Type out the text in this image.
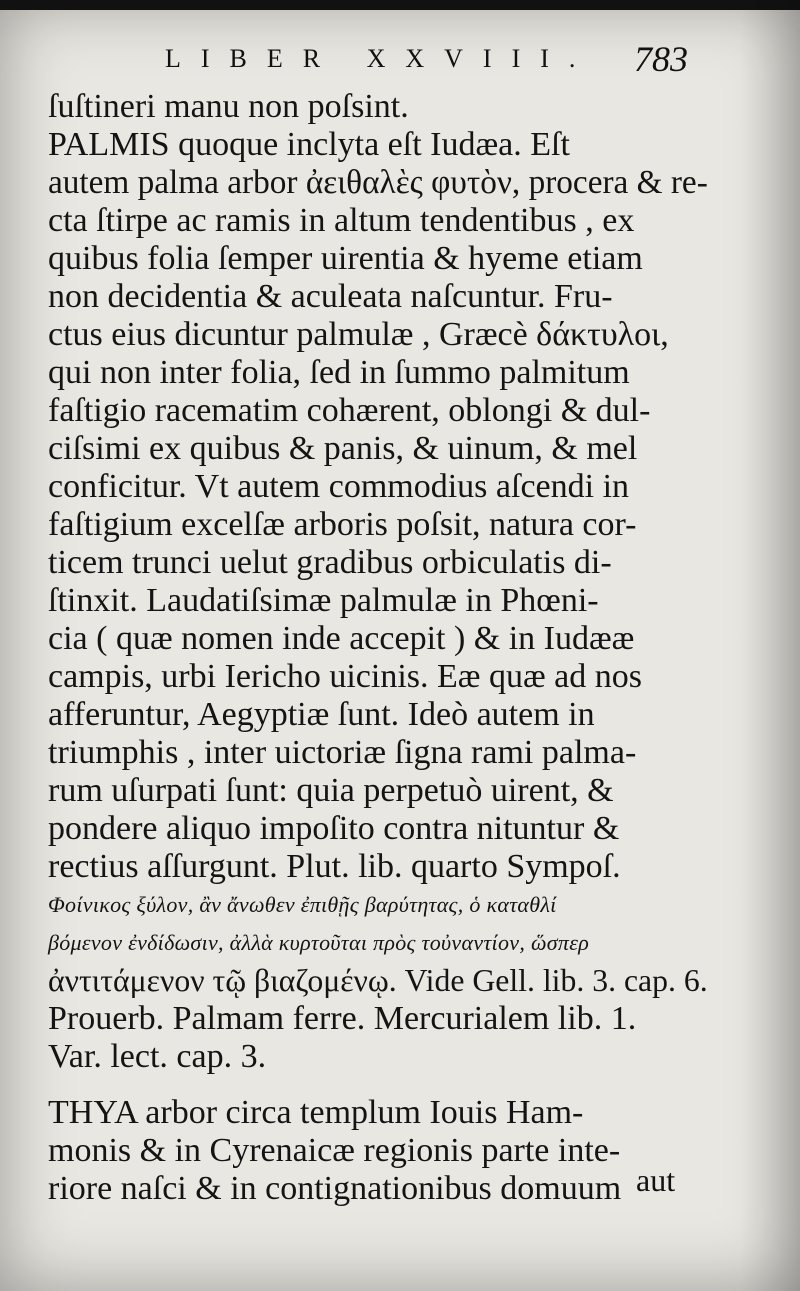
LIBER XXVIII. 783
ſuſtineri manu non poſsint.
PALMIS quoque inclyta eſt Iudæa. Eſt
autem palma arbor ἀειθαλὲς φυτὸν, procera & re-
cta ſtirpe ac ramis in altum tendentibus , ex
quibus folia ſemper uirentia & hyeme etiam
non decidentia & aculeata naſcuntur. Fru-
ctus eius dicuntur palmulæ , Græcè δάκτυλοι,
qui non inter folia, ſed in ſummo palmitum
faſtigio racematim cohærent, oblongi & dul-
ciſsimi ex quibus & panis, & uinum, & mel
conficitur. Vt autem commodius aſcendi in
faſtigium excelſæ arboris poſsit, natura cor-
ticem trunci uelut gradibus orbiculatis di-
ſtinxit. Laudatiſsimæ palmulæ in Phœni-
cia ( quæ nomen inde accepit ) & in Iudææ
campis, urbi Iericho uicinis. Eæ quæ ad nos
afferuntur, Aegyptiæ ſunt. Ideò autem in
triumphis , inter uictoriæ ſigna rami palma-
rum uſurpati ſunt: quia perpetuò uirent, &
pondere aliquo impoſito contra nituntur &
rectius aſſurgunt. Plut. lib. quarto Sympoſ.
Φοίνικος ξύλον, ἂν ἄνωθεν ἐπιθῇς βαρύτητας, ὁ καταθλί
βόμενον ἐνδίδωσιν, ἀλλὰ κυρτοῦται πρὸς τοὐναντίον, ὥσπερ
ἀντιτάμενον τῷ βιαζομένῳ. Vide Gell. lib. 3. cap. 6.
Prouerb. Palmam ferre. Mercurialem lib. 1.
Var. lect. cap. 3.
THYA arbor circa templum Iouis Ham-
monis & in Cyrenaicæ regionis parte inte-
riore naſci & in contignationibus domuum aut
